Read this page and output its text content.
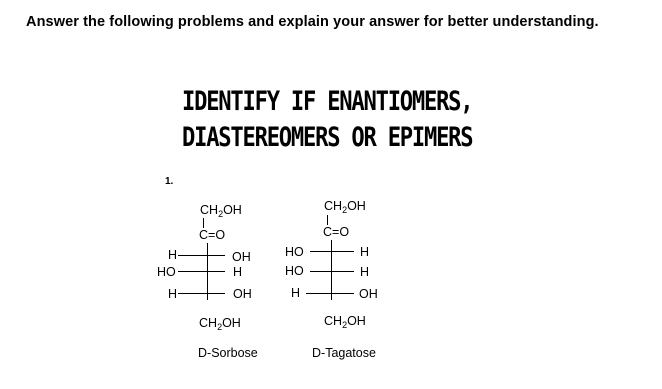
Answer the following problems and explain your answer for better understanding.
IDENTIFY IF ENANTIOMERS,
DIASTEREOMERS OR EPIMERS
1.
$CH_2OH$
C=O
H	OH
HO	H
H	OH
$CH_2OH$
D-Sorbose
$CH_2OH$
C=O
HO	H
HO	H
H	OH
$CH_2OH$
D-Tagatose
